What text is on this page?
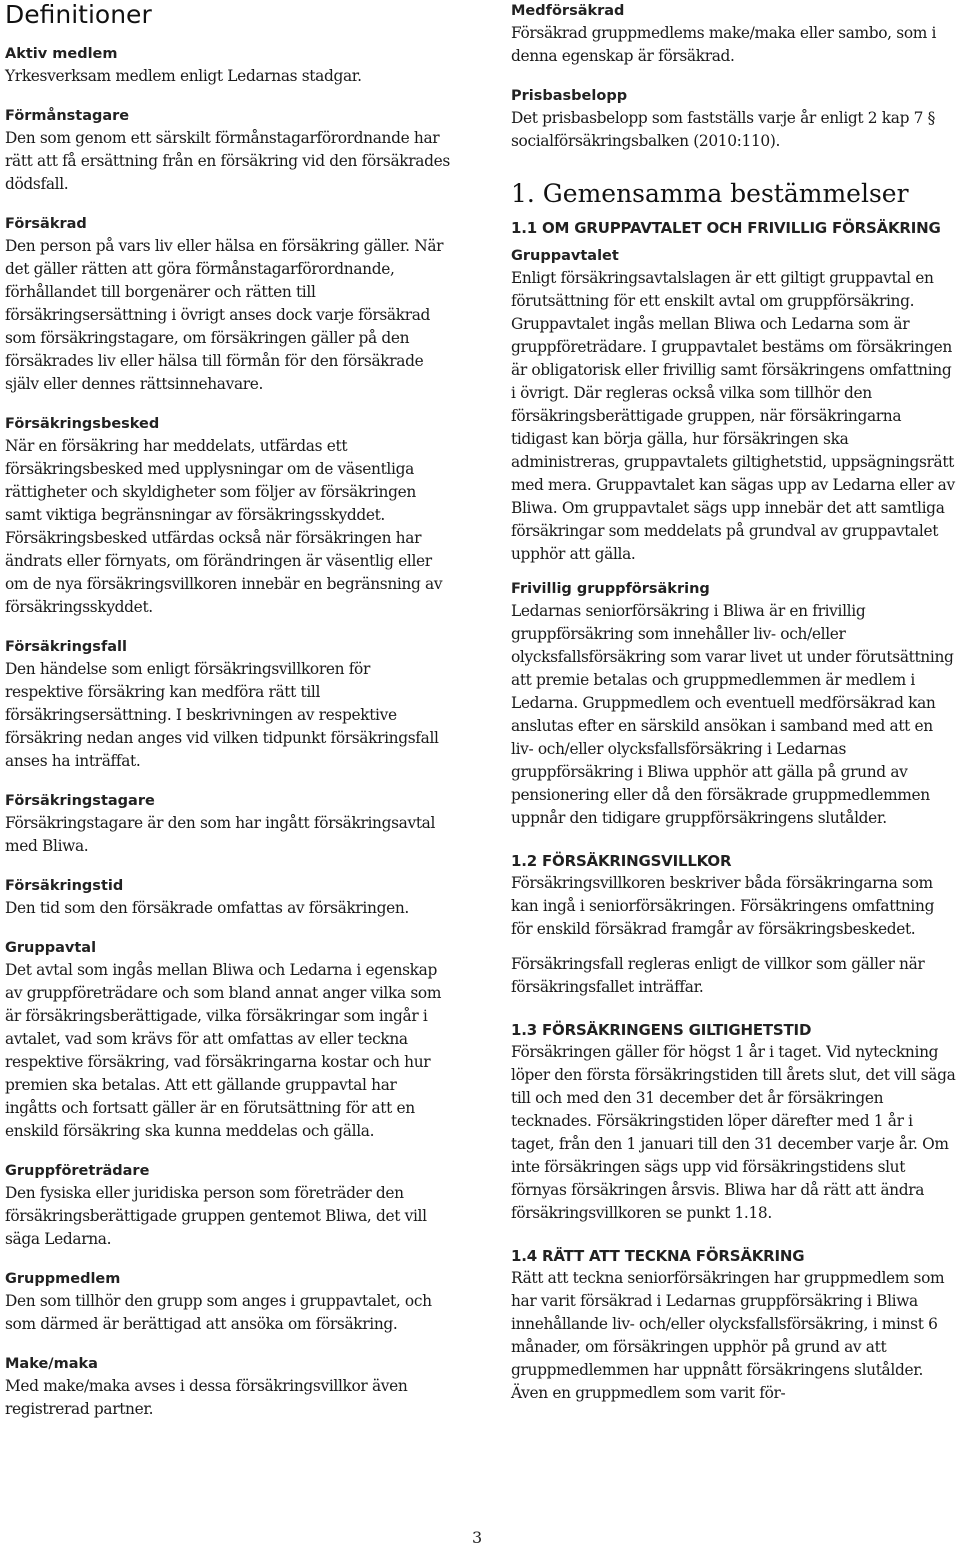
Definitioner

Aktiv medlem

Yrkesverksam medlem enligt Ledarnas stadgar.

Förmånstagare

Den som genom ett särskilt förmånstagarförordnande har rätt att få ersättning från en försäkring vid den försäkrades dödsfall.

Försäkrad

Den person på vars liv eller hälsa en försäkring gäller. När det gäller rätten att göra förmånstagarförordnande, förhållandet till borgenärer och rätten till försäkringsersättning i övrigt anses dock varje försäkrad som försäkringstagare, om försäkringen gäller på den försäkrades liv eller hälsa till förmån för den försäkrade själv eller dennes rättsinnehavare.

Försäkringsbesked

När en försäkring har meddelats, utfärdas ett försäkringsbesked med upplysningar om de väsentliga rättigheter och skyldigheter som följer av försäkringen samt viktiga begränsningar av försäkringsskyddet. Försäkringsbesked utfärdas också när försäkringen har ändrats eller förnyats, om förändringen är väsentlig eller om de nya försäkringsvillkoren innebär en begränsning av försäkringsskyddet.

Försäkringsfall

Den händelse som enligt försäkringsvillkoren för respektive försäkring kan medföra rätt till försäkringsersättning. I beskrivningen av respektive försäkring nedan anges vid vilken tidpunkt försäkringsfall anses ha inträffat.

Försäkringstagare

Försäkringstagare är den som har ingått försäkringsavtal med Bliwa.

Försäkringstid

Den tid som den försäkrade omfattas av försäkringen.

Gruppavtal

Det avtal som ingås mellan Bliwa och Ledarna i egenskap av gruppföreträdare och som bland annat anger vilka som är försäkringsberättigade, vilka försäkringar som ingår i avtalet, vad som krävs för att omfattas av eller teckna respektive försäkring, vad försäkringarna kostar och hur premien ska betalas. Att ett gällande gruppavtal har ingåtts och fortsatt gäller är en förutsättning för att en enskild försäkring ska kunna meddelas och gälla.

Gruppföreträdare

Den fysiska eller juridiska person som företräder den försäkringsberättigade gruppen gentemot Bliwa, det vill säga Ledarna.

Gruppmedlem

Den som tillhör den grupp som anges i gruppavtalet, och som därmed är berättigad att ansöka om försäkring.

Make/maka

Med make/maka avses i dessa försäkringsvillkor även registrerad partner.

Medförsäkrad

Försäkrad gruppmedlems make/maka eller sambo, som i denna egenskap är försäkrad.

Prisbasbelopp

Det prisbasbelopp som fastställs varje år enligt 2 kap 7 § socialförsäkringsbalken (2010:110).

1. Gemensamma bestämmelser

1.1 OM GRUPPAVTALET OCH FRIVILLIG FÖRSÄKRING

Gruppavtalet

Enligt försäkringsavtalslagen är ett giltigt gruppavtal en förutsättning för ett enskilt avtal om gruppförsäkring. Gruppavtalet ingås mellan Bliwa och Ledarna som är gruppföreträdare. I gruppavtalet bestäms om försäkringen är obligatorisk eller frivillig samt försäkringens omfattning i övrigt. Där regleras också vilka som tillhör den försäkringsberättigade gruppen, när försäkringarna tidigast kan börja gälla, hur försäkringen ska administreras, gruppavtalets giltighetstid, uppsägningsrätt med mera. Gruppavtalet kan sägas upp av Ledarna eller av Bliwa. Om gruppavtalet sägs upp innebär det att samtliga försäkringar som meddelats på grundval av gruppavtalet upphör att gälla.

Frivillig gruppförsäkring

Ledarnas seniorförsäkring i Bliwa är en frivillig gruppförsäkring som innehåller liv- och/eller olycksfallsförsäkring som varar livet ut under förutsättning att premie betalas och gruppmedlemmen är medlem i Ledarna. Gruppmedlem och eventuell medförsäkrad kan anslutas efter en särskild ansökan i samband med att en liv- och/eller olycksfallsförsäkring i Ledarnas gruppförsäkring i Bliwa upphör att gälla på grund av pensionering eller då den försäkrade gruppmedlemmen uppnår den tidigare gruppförsäkringens slutålder.

1.2 FÖRSÄKRINGSVILLKOR

Försäkringsvillkoren beskriver båda försäkringarna som kan ingå i seniorförsäkringen. Försäkringens omfattning för enskild försäkrad framgår av försäkringsbeskedet.

Försäkringsfall regleras enligt de villkor som gäller när försäkringsfallet inträffar.

1.3 FÖRSÄKRINGENS GILTIGHETSTID

Försäkringen gäller för högst 1 år i taget. Vid nyteckning löper den första försäkringstiden till årets slut, det vill säga till och med den 31 december det år försäkringen tecknades. Försäkringstiden löper därefter med 1 år i taget, från den 1 januari till den 31 december varje år. Om inte försäkringen sägs upp vid försäkringstidens slut förnyas försäkringen årsvis. Bliwa har då rätt att ändra försäkringsvillkoren se punkt 1.18.

1.4 RÄTT ATT TECKNA FÖRSÄKRING

Rätt att teckna seniorförsäkringen har gruppmedlem som har varit försäkrad i Ledarnas gruppförsäkring i Bliwa innehållande liv- och/eller olycksfallsförsäkring, i minst 6 månader, om försäkringen upphör på grund av att gruppmedlemmen har uppnått försäkringens slutålder. Även en gruppmedlem som varit för-

3
